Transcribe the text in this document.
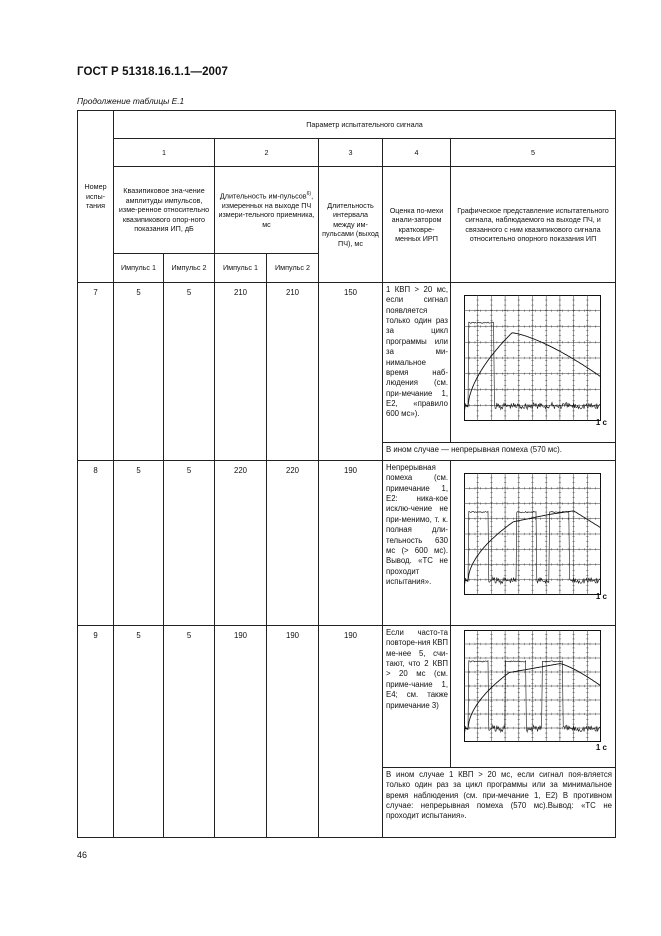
ГОСТ Р 51318.16.1.1—2007
Продолжение таблицы Е.1
Номер испы-тания	Параметр испытательного сигнала						
	1		2		3	4	5
	Квазипиковое зна-чение амплитуды импульсов, изме-ренное относительно квазипикового опор-ного показания ИП, дБ		Длительность им-пульсов$^{6)}$, измеренных на выходе ПЧ измери-тельного приемника, мс		Длительность интервала между им-пульсами (выход ПЧ), мс	Оценка по-мехи анали-затором кратковре-менных ИРП	Графическое представление испытательного сигнала, наблюдаемого на выходе ПЧ, и связанного с ним квазипикового сигнала относительно опорного показания ИП
	Импульс 1	Импульс 2	Импульс 1	Импульс 2			
7	5	5	210	210	150	1 КВП > 20 мс, если сигнал появляется только один раз за цикл программы или за ми-нимальное время наб-людения (см. при-мечание 1, Е2, «правило 600 мс»).	1 с

						В ином случае — непрерывная помеха (570 мс).	
8	5	5	220	220	190	Непрерывная помеха (см. примечание 1, Е2: ника-кое исклю-чение не при-менимо, т. к. полная дли-тельность 630 мс (> 600 мс). Вывод. «ТС не проходит испытания».	1 с

9	5	5	190	190	190	Если часто-та повторе-ния КВП ме-нее 5, счи-тают, что 2 КВП > 20 мс (см. приме-чание 1, Е4; см. также примечание 3)	1 с

						В ином случае 1 КВП > 20 мс, если сигнал поя-вляется только один раз за цикл программы или за минимальное время наблюдения (см. при-мечание 1, Е2) В противном случае: непрерывная помеха (570 мс).Вывод: «ТС не проходит испытания».	
46
